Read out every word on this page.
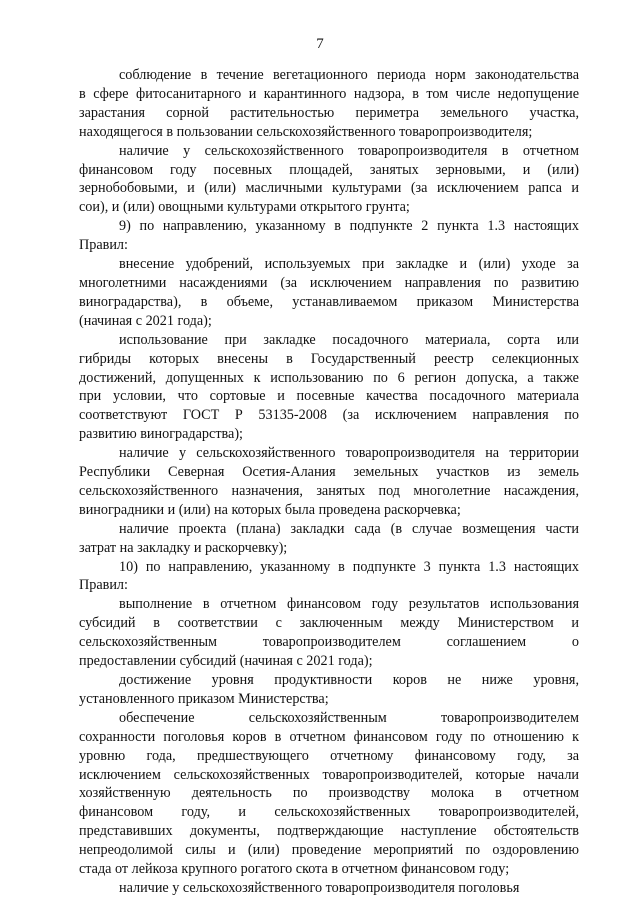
7
соблюдение в течение вегетационного периода норм законодательства
в сфере фитосанитарного и карантинного надзора, в том числе недопущение
зарастания сорной растительностью периметра земельного участка,
находящегося в пользовании сельскохозяйственного товаропроизводителя;
наличие у сельскохозяйственного товаропроизводителя в отчетном
финансовом году посевных площадей, занятых зерновыми, и (или)
зернобобовыми, и (или) масличными культурами (за исключением рапса и
сои), и (или) овощными культурами открытого грунта;
9) по направлению, указанному в подпункте 2 пункта 1.3 настоящих
Правил:
внесение удобрений, используемых при закладке и (или) уходе за
многолетними насаждениями (за исключением направления по развитию
виноградарства), в объеме, устанавливаемом приказом Министерства
(начиная с 2021 года);
использование при закладке посадочного материала, сорта или
гибриды которых внесены в Государственный реестр селекционных
достижений, допущенных к использованию по 6 регион допуска, а также
при условии, что сортовые и посевные качества посадочного материала
соответствуют ГОСТ Р 53135-2008 (за исключением направления по
развитию виноградарства);
наличие у сельскохозяйственного товаропроизводителя на территории
Республики Северная Осетия-Алания земельных участков из земель
сельскохозяйственного назначения, занятых под многолетние насаждения,
виноградники и (или) на которых была проведена раскорчевка;
наличие проекта (плана) закладки сада (в случае возмещения части
затрат на закладку и раскорчевку);
10) по направлению, указанному в подпункте 3 пункта 1.3 настоящих
Правил:
выполнение в отчетном финансовом году результатов использования
субсидий в соответствии с заключенным между Министерством и
сельскохозяйственным товаропроизводителем соглашением о
предоставлении субсидий (начиная с 2021 года);
достижение уровня продуктивности коров не ниже уровня,
установленного приказом Министерства;
обеспечение сельскохозяйственным товаропроизводителем
сохранности поголовья коров в отчетном финансовом году по отношению к
уровню года, предшествующего отчетному финансовому году, за
исключением сельскохозяйственных товаропроизводителей, которые начали
хозяйственную деятельность по производству молока в отчетном
финансовом году, и сельскохозяйственных товаропроизводителей,
представивших документы, подтверждающие наступление обстоятельств
непреодолимой силы и (или) проведение мероприятий по оздоровлению
стада от лейкоза крупного рогатого скота в отчетном финансовом году;
наличие у сельскохозяйственного товаропроизводителя поголовья
